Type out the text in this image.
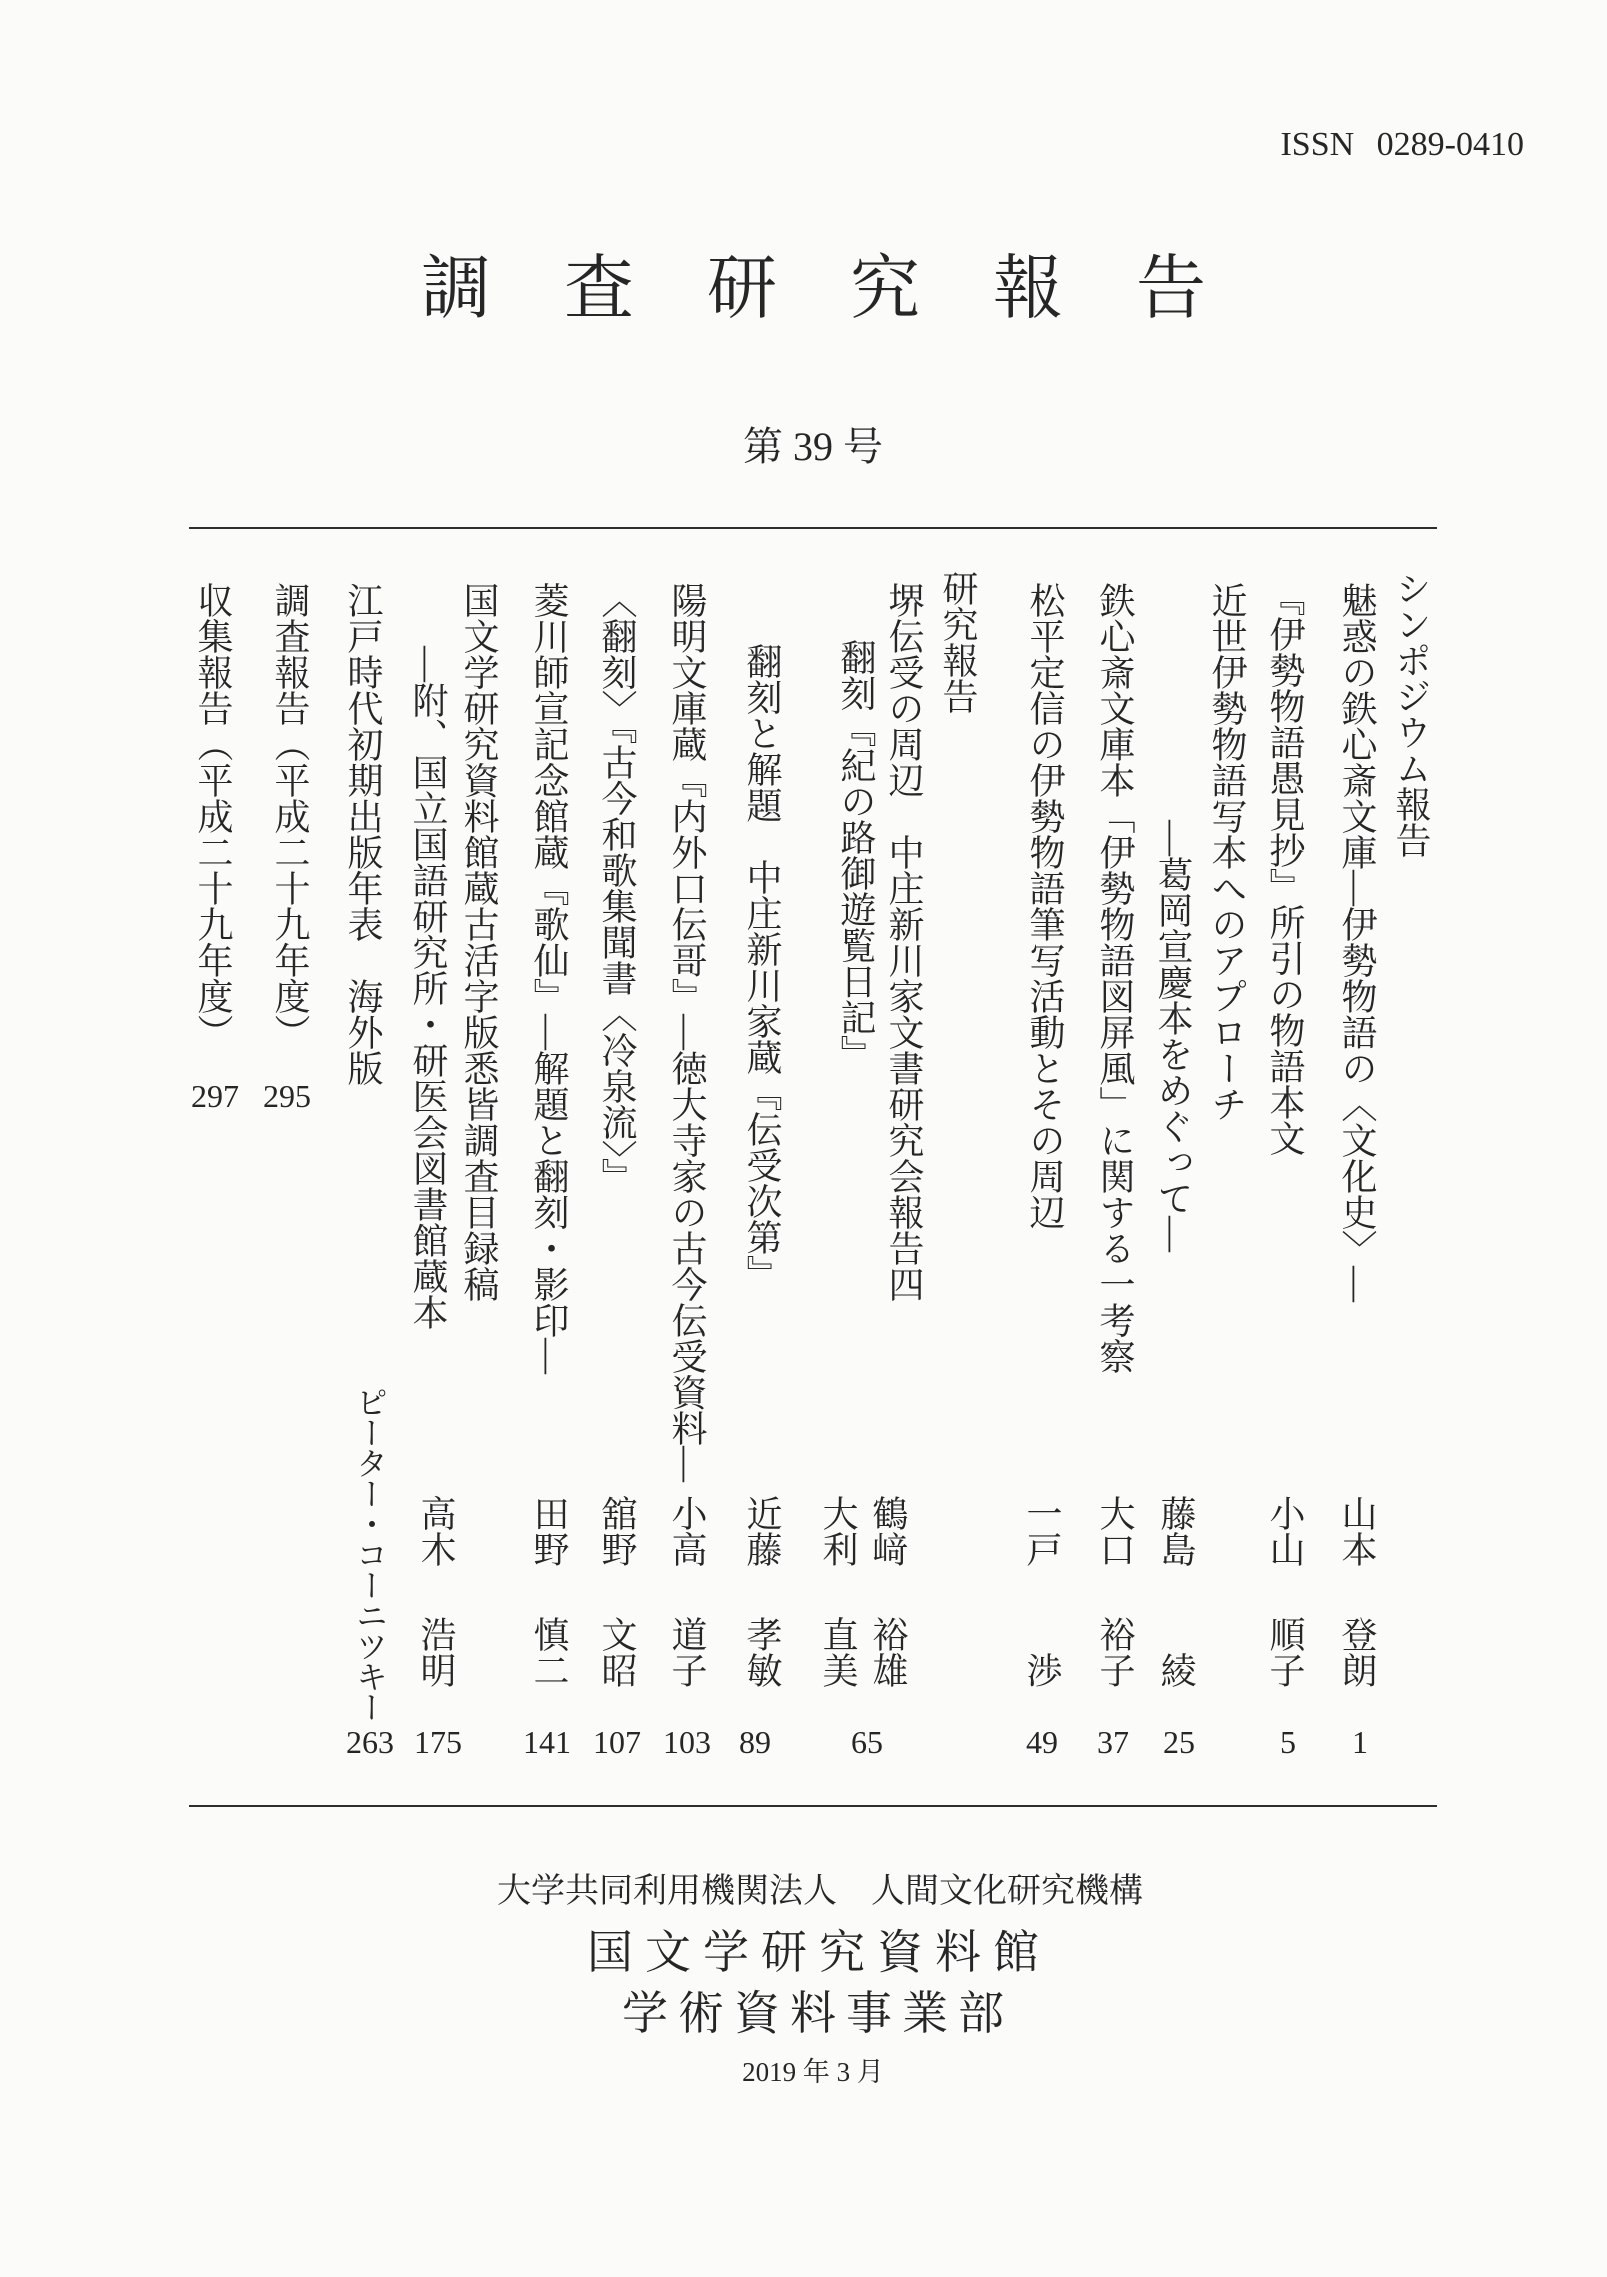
ISSN 0289-0410
調査研究報告
第 39 号
シンポジウム報告
魅惑の鉄心斎文庫—伊勢物語の〈文化史〉—
山本
登朗
1
『伊勢物語愚見抄』所引の物語本文
小山
順子
5
近世伊勢物語写本へのアプローチ
—葛岡宣慶本をめぐって—
藤島
綾
25
鉄心斎文庫本「伊勢物語図屏風」に関する一考察
大口
裕子
37
松平定信の伊勢物語筆写活動とその周辺
一戸
渉
49
研究報告
堺伝受の周辺　中庄新川家文書研究会報告四
翻刻『紀の路御遊覧日記』
鶴﨑
裕雄
大利
直美
65
翻刻と解題　中庄新川家蔵『伝受次第』
近藤
孝敏
89
陽明文庫蔵『内外口伝哥』—徳大寺家の古今伝受資料—
小高
道子
103
〈翻刻〉『古今和歌集聞書〈冷泉流〉』
舘野
文昭
107
菱川師宣記念館蔵『歌仙』—解題と翻刻・影印—
田野
慎二
141
国文学研究資料館蔵古活字版悉皆調査目録稿
—附、国立国語研究所・研医会図書館蔵本
高木
浩明
175
江戸時代初期出版年表　海外版
ピーター・コーニツキー
263
調査報告（平成二十九年度）
295
収集報告（平成二十九年度）
297
大学共同利用機関法人　人間文化研究機構
国文学研究資料館
学術資料事業部
2019 年 3 月
